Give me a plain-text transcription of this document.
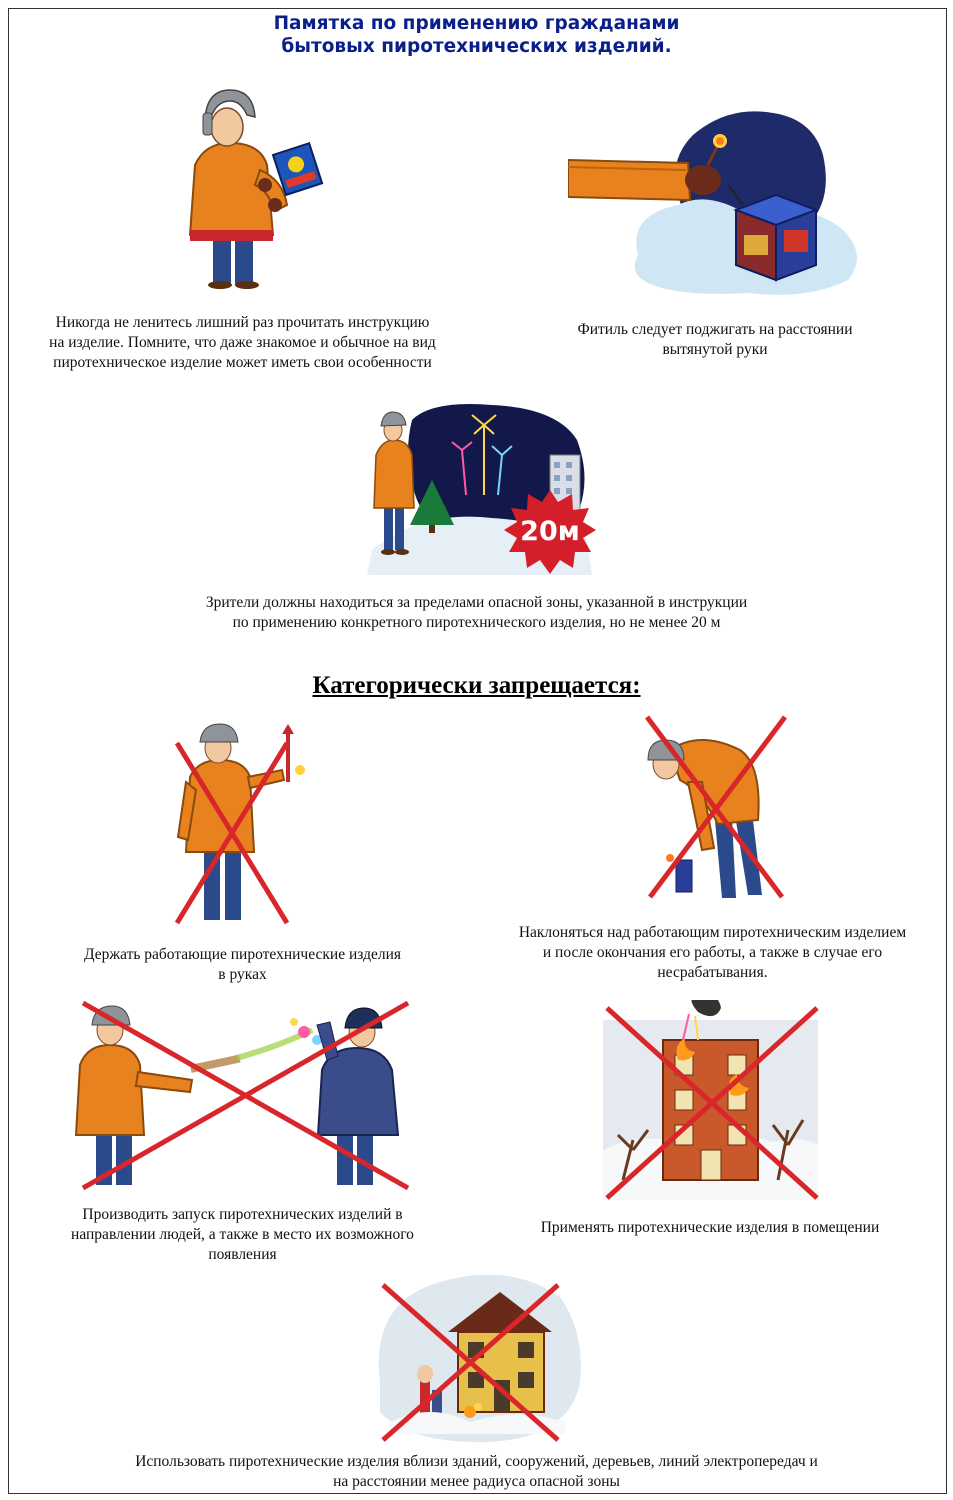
Памятка по применению гражданами
бытовых пиротехнических изделий.
Никогда не ленитесь лишний раз прочитать инструкцию
на изделие. Помните, что даже знакомое и обычное на вид
пиротехническое изделие может иметь свои особенности
Фитиль следует поджигать на расстоянии
вытянутой руки
20м
Зрители должны находиться за пределами опасной зоны, указанной в инструкции
по применению конкретного пиротехнического изделия, но не менее 20 м
Категорически запрещается:
Держать работающие пиротехнические изделия
в руках
Наклоняться над работающим пиротехническим изделием
и после окончания его работы, а также в случае его
несрабатывания.
Производить запуск пиротехнических изделий в
направлении людей, а также в место их возможного
появления
Применять пиротехнические изделия в помещении
Использовать пиротехнические изделия вблизи зданий, сооружений, деревьев, линий электропередач и
на расстоянии менее радиуса опасной зоны
